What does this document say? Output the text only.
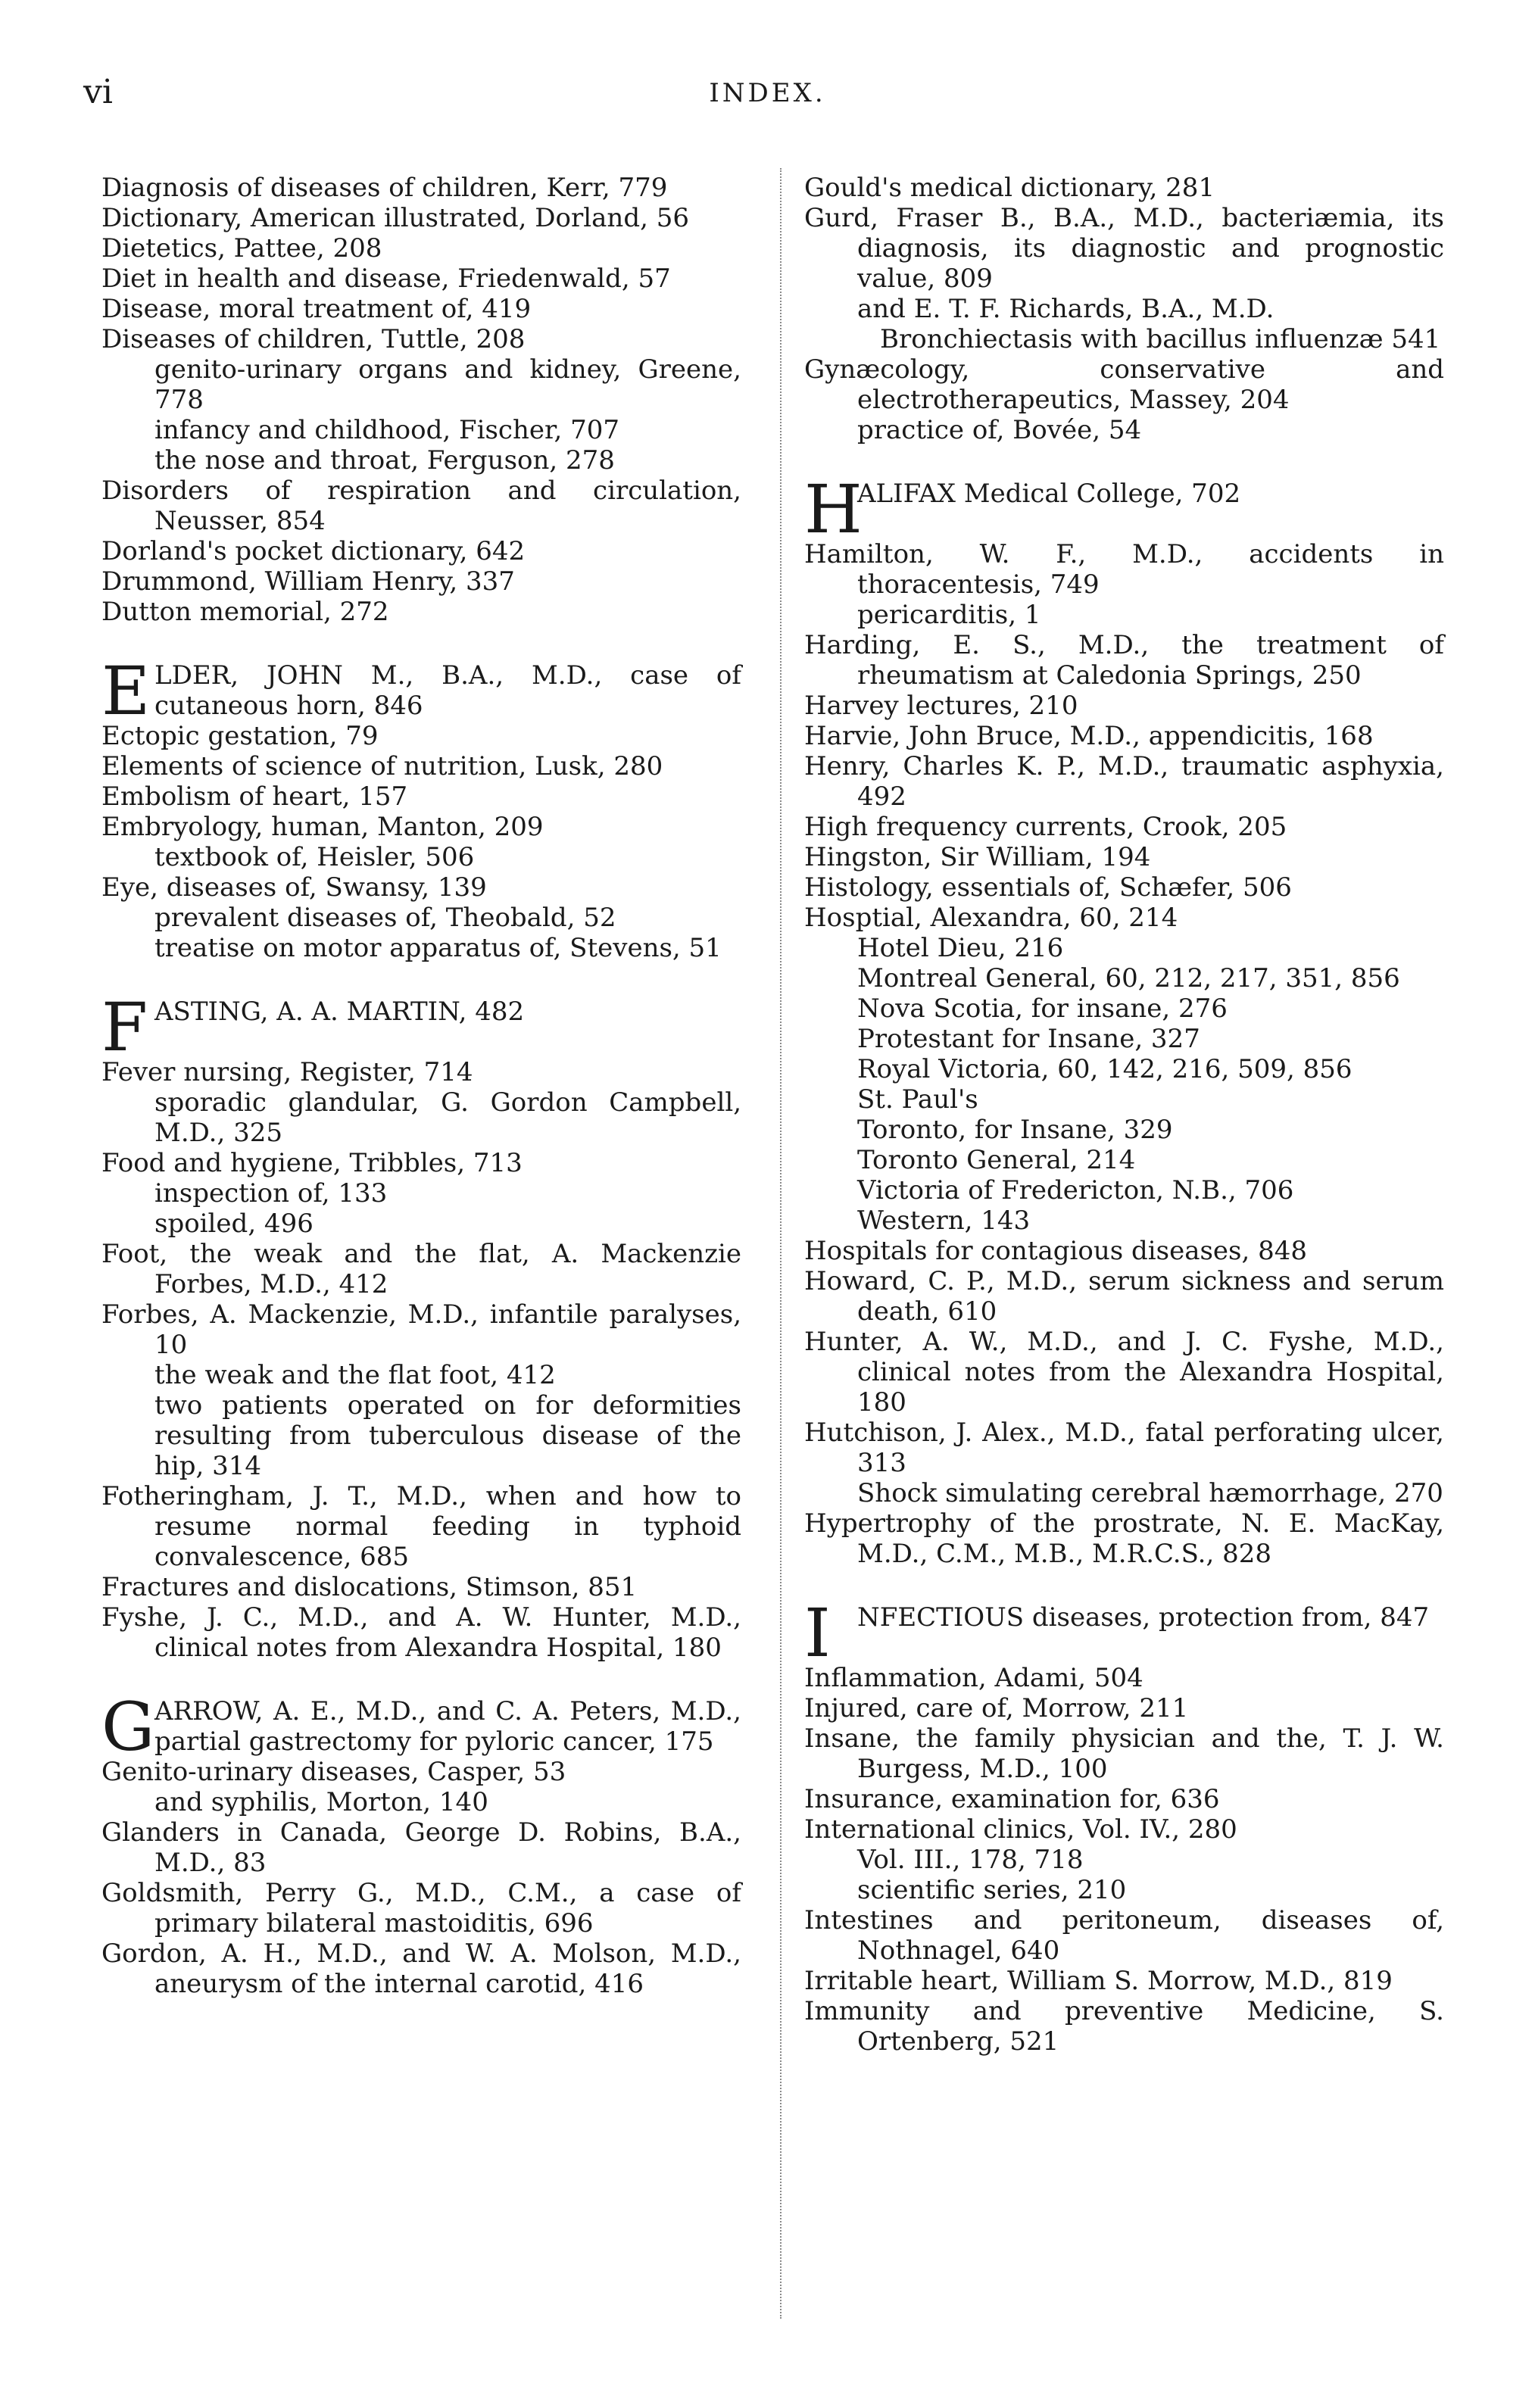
vi	INDEX.
Diagnosis of diseases of children, Kerr, 779
Dictionary, American illustrated, Dorland, 56
Dietetics, Pattee, 208
Diet in health and disease, Friedenwald, 57
Disease, moral treatment of, 419
Diseases of children, Tuttle, 208
genito-urinary organs and kidney, Greene, 778
infancy and childhood, Fischer, 707
the nose and throat, Ferguson, 278
Disorders of respiration and circulation, Neusser, 854
Dorland's pocket dictionary, 642
Drummond, William Henry, 337
Dutton memorial, 272
E LDER, JOHN M., B.A., M.D., case of cutaneous horn, 846
Ectopic gestation, 79
Elements of science of nutrition, Lusk, 280
Embolism of heart, 157
Embryology, human, Manton, 209
textbook of, Heisler, 506
Eye, diseases of, Swansy, 139
prevalent diseases of, Theobald, 52
treatise on motor apparatus of, Stevens, 51
F ASTING, A. A. MARTIN, 482
Fever nursing, Register, 714
sporadic glandular, G. Gordon Campbell, M.D., 325
Food and hygiene, Tribbles, 713
inspection of, 133
spoiled, 496
Foot, the weak and the flat, A. Mackenzie Forbes, M.D., 412
Forbes, A. Mackenzie, M.D., infantile paralyses, 10
the weak and the flat foot, 412
two patients operated on for deformities resulting from tuberculous disease of the hip, 314
Fotheringham, J. T., M.D., when and how to resume normal feeding in typhoid convalescence, 685
Fractures and dislocations, Stimson, 851
Fyshe, J. C., M.D., and A. W. Hunter, M.D., clinical notes from Alexandra Hospital, 180
G ARROW, A. E., M.D., and C. A. Peters, M.D., partial gastrectomy for pyloric cancer, 175
Genito-urinary diseases, Casper, 53
and syphilis, Morton, 140
Glanders in Canada, George D. Robins, B.A., M.D., 83
Goldsmith, Perry G., M.D., C.M., a case of primary bilateral mastoiditis, 696
Gordon, A. H., M.D., and W. A. Molson, M.D., aneurysm of the internal carotid, 416
Gould's medical dictionary, 281
Gurd, Fraser B., B.A., M.D., bacteriæmia, its diagnosis, its diagnostic and prognostic value, 809
and E. T. F. Richards, B.A., M.D.
Bronchiectasis with bacillus influenzæ 541
Gynæcology, conservative and electrotherapeutics, Massey, 204
practice of, Bovée, 54
H
ALIFAX Medical College, 702
Hamilton, W. F., M.D., accidents in thoracentesis, 749
pericarditis, 1
Harding, E. S., M.D., the treatment of rheumatism at Caledonia Springs, 250
Harvey lectures, 210
Harvie, John Bruce, M.D., appendicitis, 168
Henry, Charles K. P., M.D., traumatic asphyxia, 492
High frequency currents, Crook, 205
Hingston, Sir William, 194
Histology, essentials of, Schæfer, 506
Hosptial, Alexandra, 60, 214
Hotel Dieu, 216
Montreal General, 60, 212, 217, 351, 856
Nova Scotia, for insane, 276
Protestant for Insane, 327
Royal Victoria, 60, 142, 216, 509, 856
St. Paul's
Toronto, for Insane, 329
Toronto General, 214
Victoria of Fredericton, N.B., 706
Western, 143
Hospitals for contagious diseases, 848
Howard, C. P., M.D., serum sickness and serum death, 610
Hunter, A. W., M.D., and J. C. Fyshe, M.D., clinical notes from the Alexandra Hospital, 180
Hutchison, J. Alex., M.D., fatal perforating ulcer, 313
Shock simulating cerebral hæmorrhage, 270
Hypertrophy of the prostrate, N. E. MacKay, M.D., C.M., M.B., M.R.C.S., 828
I NFECTIOUS diseases, protection from, 847
Inflammation, Adami, 504
Injured, care of, Morrow, 211
Insane, the family physician and the, T. J. W. Burgess, M.D., 100
Insurance, examination for, 636
International clinics, Vol. IV., 280
Vol. III., 178, 718
scientific series, 210
Intestines and peritoneum, diseases of, Nothnagel, 640
Irritable heart, William S. Morrow, M.D., 819
Immunity and preventive Medicine, S. Ortenberg, 521
